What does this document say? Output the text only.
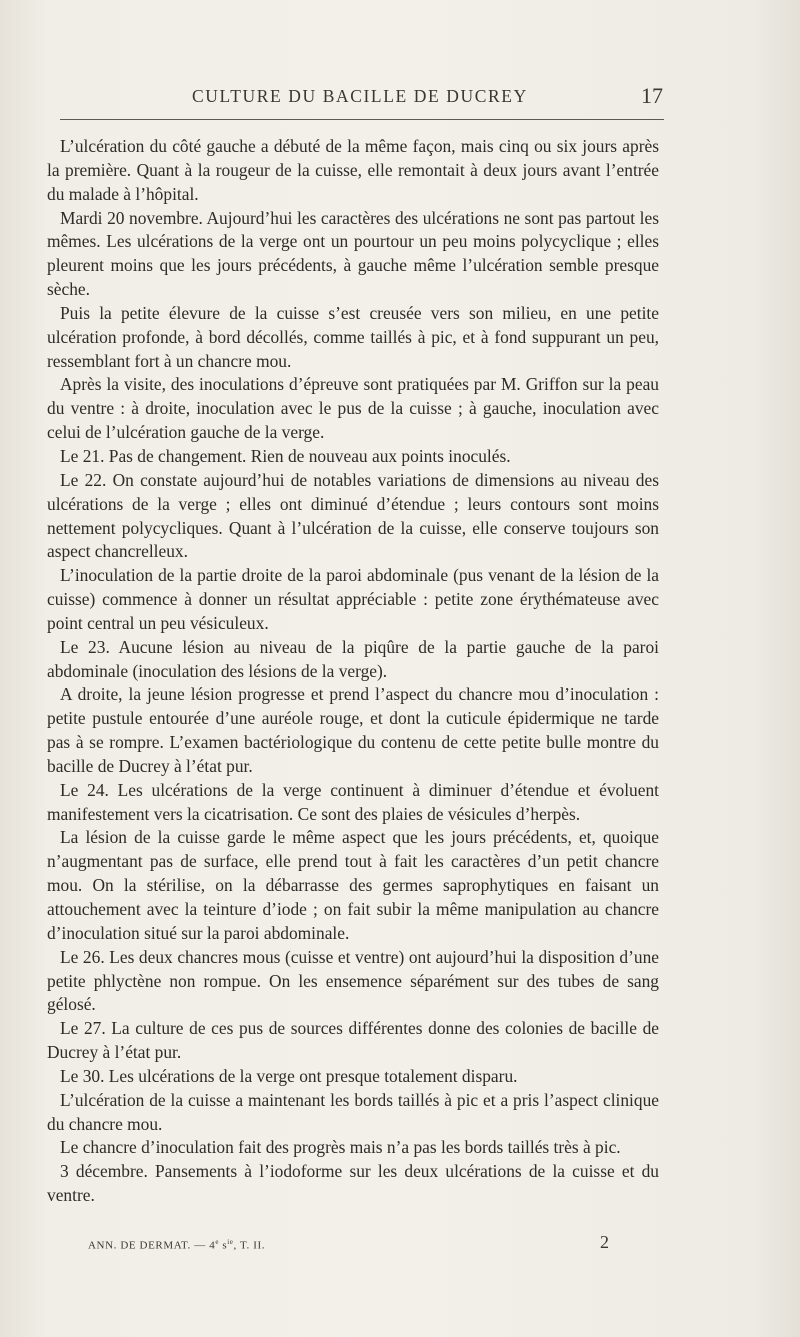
CULTURE DU BACILLE DE DUCREY	17

L’ulcération du côté gauche a débuté de la même façon, mais cinq ou six jours après la première. Quant à la rougeur de la cuisse, elle remontait à deux jours avant l’entrée du malade à l’hôpital.

Mardi 20 novembre. Aujourd’hui les caractères des ulcérations ne sont pas partout les mêmes. Les ulcérations de la verge ont un pourtour un peu moins polycyclique ; elles pleurent moins que les jours précédents, à gauche même l’ulcération semble presque sèche.

Puis la petite élevure de la cuisse s’est creusée vers son milieu, en une petite ulcération profonde, à bord décollés, comme taillés à pic, et à fond suppurant un peu, ressemblant fort à un chancre mou.

Après la visite, des inoculations d’épreuve sont pratiquées par M. Griffon sur la peau du ventre : à droite, inoculation avec le pus de la cuisse ; à gauche, inoculation avec celui de l’ulcération gauche de la verge.

Le 21. Pas de changement. Rien de nouveau aux points inoculés.

Le 22. On constate aujourd’hui de notables variations de dimensions au niveau des ulcérations de la verge ; elles ont diminué d’étendue ; leurs contours sont moins nettement polycycliques. Quant à l’ulcération de la cuisse, elle conserve toujours son aspect chancrelleux.

L’inoculation de la partie droite de la paroi abdominale (pus venant de la lésion de la cuisse) commence à donner un résultat appréciable : petite zone érythémateuse avec point central un peu vésiculeux.

Le 23. Aucune lésion au niveau de la piqûre de la partie gauche de la paroi abdominale (inoculation des lésions de la verge).

A droite, la jeune lésion progresse et prend l’aspect du chancre mou d’inoculation : petite pustule entourée d’une auréole rouge, et dont la cuticule épidermique ne tarde pas à se rompre. L’examen bactériologique du contenu de cette petite bulle montre du bacille de Ducrey à l’état pur.

Le 24. Les ulcérations de la verge continuent à diminuer d’étendue et évoluent manifestement vers la cicatrisation. Ce sont des plaies de vésicules d’herpès.

La lésion de la cuisse garde le même aspect que les jours précédents, et, quoique n’augmentant pas de surface, elle prend tout à fait les caractères d’un petit chancre mou. On la stérilise, on la débarrasse des germes saprophytiques en faisant un attouchement avec la teinture d’iode ; on fait subir la même manipulation au chancre d’inoculation situé sur la paroi abdominale.

Le 26. Les deux chancres mous (cuisse et ventre) ont aujourd’hui la disposition d’une petite phlyctène non rompue. On les ensemence séparément sur des tubes de sang gélosé.

Le 27. La culture de ces pus de sources différentes donne des colonies de bacille de Ducrey à l’état pur.

Le 30. Les ulcérations de la verge ont presque totalement disparu.

L’ulcération de la cuisse a maintenant les bords taillés à pic et a pris l’aspect clinique du chancre mou.

Le chancre d’inoculation fait des progrès mais n’a pas les bords taillés très à pic.

3 décembre. Pansements à l’iodoforme sur les deux ulcérations de la cuisse et du ventre.

ANN. DE DERMAT. — 4e $s^{ie}$, T. II.	2
